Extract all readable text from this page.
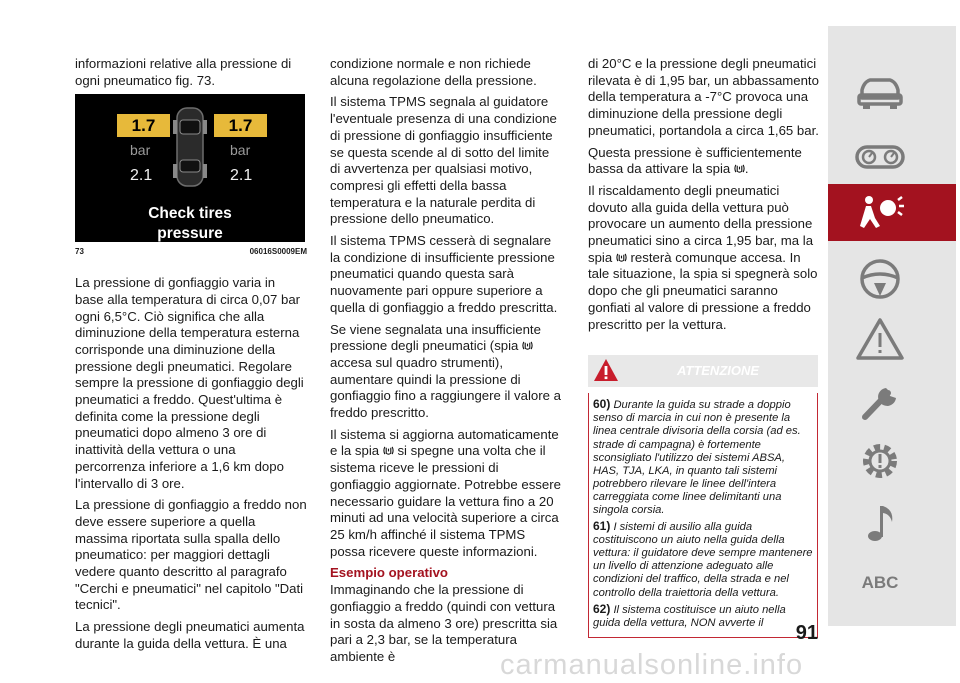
informazioni relative alla pressione di ogni pneumatico fig. 73.

1.7	1.7
bar	bar
2.1	2.1
Check tires
pressure
73	06016S0009EM

La pressione di gonfiaggio varia in base alla temperatura di circa 0,07 bar ogni 6,5°C. Ciò significa che alla diminuzione della temperatura esterna corrisponde una diminuzione della pressione degli pneumatici. Regolare sempre la pressione di gonfiaggio degli pneumatici a freddo. Quest'ultima è definita come la pressione degli pneumatici dopo almeno 3 ore di inattività della vettura o una percorrenza inferiore a 1,6 km dopo l'intervallo di 3 ore.

La pressione di gonfiaggio a freddo non deve essere superiore a quella massima riportata sulla spalla dello pneumatico: per maggiori dettagli vedere quanto descritto al paragrafo "Cerchi e pneumatici" nel capitolo "Dati tecnici".

La pressione degli pneumatici aumenta durante la guida della vettura. È una

condizione normale e non richiede alcuna regolazione della pressione.

Il sistema TPMS segnala al guidatore l'eventuale presenza di una condizione di pressione di gonfiaggio insufficiente se questa scende al di sotto del limite di avvertenza per qualsiasi motivo, compresi gli effetti della bassa temperatura e la naturale perdita di pressione dello pneumatico.

Il sistema TPMS cesserà di segnalare la condizione di insufficiente pressione pneumatici quando questa sarà nuovamente pari oppure superiore a quella di gonfiaggio a freddo prescritta.

Se viene segnalata una insufficiente pressione degli pneumatici (spia  accesa sul quadro strumenti), aumentare quindi la pressione di gonfiaggio fino a raggiungere il valore a freddo prescritto.

Il sistema si aggiorna automaticamente e la spia  si spegne una volta che il sistema riceve le pressioni di gonfiaggio aggiornate. Potrebbe essere necessario guidare la vettura fino a 20 minuti ad una velocità superiore a circa 25 km/h affinché il sistema TPMS possa ricevere queste informazioni.

Esempio operativo

Immaginando che la pressione di gonfiaggio a freddo (quindi con vettura in sosta da almeno 3 ore) prescritta sia pari a 2,3 bar, se la temperatura ambiente è

di 20°C e la pressione degli pneumatici rilevata è di 1,95 bar, un abbassamento della temperatura a -7°C provoca una diminuzione della pressione degli pneumatici, portandola a circa 1,65 bar.

Questa pressione è sufficientemente bassa da attivare la spia .

Il riscaldamento degli pneumatici dovuto alla guida della vettura può provocare un aumento della pressione pneumatici sino a circa 1,95 bar, ma la spia  resterà comunque accesa. In tale situazione, la spia si spegnerà solo dopo che gli pneumatici saranno gonfiati al valore di pressione a freddo prescritto per la vettura.

ATTENZIONE

60) Durante la guida su strade a doppio senso di marcia in cui non è presente la linea centrale divisoria della corsia (ad es. strade di campagna) è fortemente sconsigliato l'utilizzo dei sistemi ABSA, HAS, TJA, LKA, in quanto tali sistemi potrebbero rilevare le linee dell'intera carreggiata come linee delimitanti una singola corsia.

61) I sistemi di ausilio alla guida costituiscono un aiuto nella guida della vettura: il guidatore deve sempre mantenere un livello di attenzione adeguato alle condizioni del traffico, della strada e nel controllo della traiettoria della vettura.

62) Il sistema costituisce un aiuto nella guida della vettura, NON avverte il	91
ABC
carmanualsonline.info
